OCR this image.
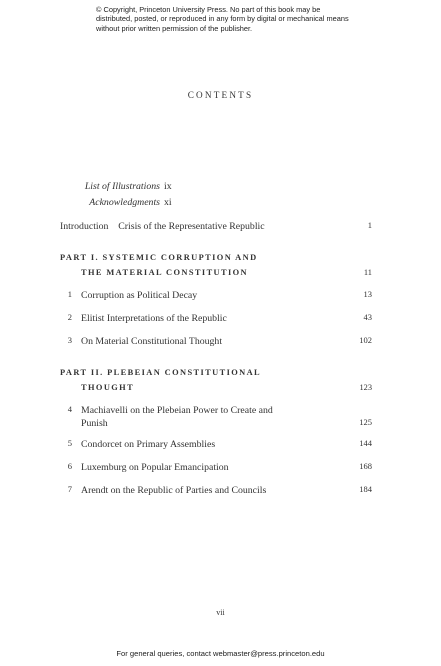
© Copyright, Princeton University Press. No part of this book may be distributed, posted, or reproduced in any form by digital or mechanical means without prior written permission of the publisher.
CONTENTS
List of Illustrations ix
Acknowledgments xi
Introduction Crisis of the Representative Republic	1
PART I. SYSTEMIC CORRUPTION AND
THE MATERIAL CONSTITUTION	11
1 Corruption as Political Decay	13
2 Elitist Interpretations of the Republic	43
3 On Material Constitutional Thought	102
PART II. PLEBEIAN CONSTITUTIONAL
THOUGHT	123
4 Machiavelli on the Plebeian Power to Create and Punish	125
5 Condorcet on Primary Assemblies	144
6 Luxemburg on Popular Emancipation	168
7 Arendt on the Republic of Parties and Councils	184
vii
For general queries, contact webmaster@press.princeton.edu
